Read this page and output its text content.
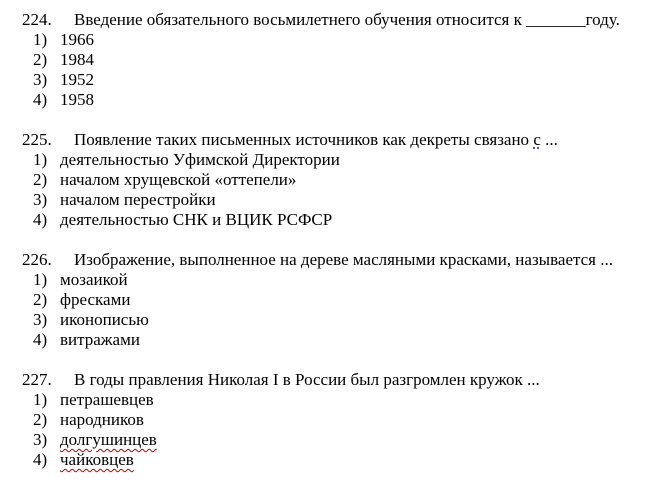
224. Введение обязательного восьмилетнего обучения относится к _______году.
1) 1966
2) 1984
3) 1952
4) 1958
225. Появление таких письменных источников как декреты связано с ...
1) деятельностью Уфимской Директории
2) началом хрущевской «оттепели»
3) началом перестройки
4) деятельностью СНК и ВЦИК РСФСР
226. Изображение, выполненное на дереве масляными красками, называется ...
1) мозаикой
2) фресками
3) иконописью
4) витражами
227. В годы правления Николая I в России был разгромлен кружок ...
1) петрашевцев
2) народников
3) долгушинцев
4) чайковцев
